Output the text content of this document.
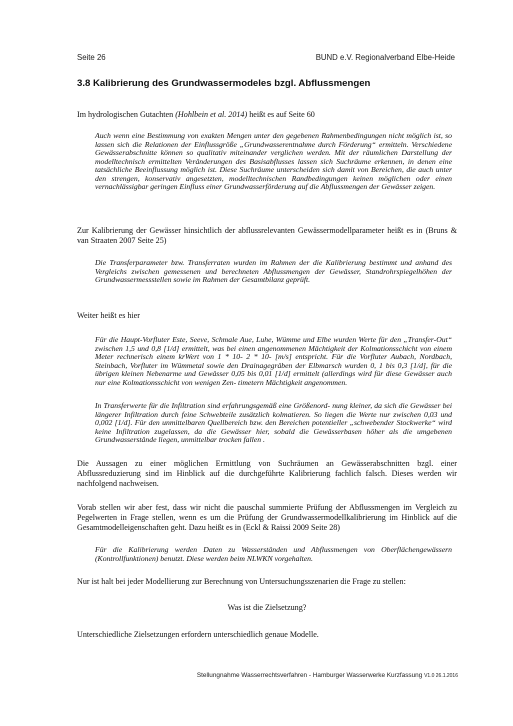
Seite 26	BUND e.V. Regionalverband Elbe-Heide
3.8 Kalibrierung des Grundwassermodeles bzgl. Abflussmengen

Im hydrologischen Gutachten (Hohlbein et al. 2014) heißt es auf Seite 60

Auch wenn eine Bestimmung von exakten Mengen unter den gegebenen Rahmenbedingungen nicht möglich ist, so lassen sich die Relationen der Einflussgröße „Grundwasserentnahme durch Förderung“ ermitteln. Verschiedene Gewässerabschnitte können so qualitativ miteinander verglichen werden. Mit der räumlichen Darstellung der modelltechnisch ermittelten Veränderungen des Basisabflusses lassen sich Suchräume erkennen, in denen eine tatsächliche Beeinflussung möglich ist. Diese Suchräume unterscheiden sich damit von Bereichen, die auch unter den strengen, konservativ angesetzten, modelltechnischen Randbedingungen keinen möglichen oder einen vernachlässigbar geringen Einfluss einer Grundwasserförderung auf die Abflussmengen der Gewässer zeigen.

Zur Kalibrierung der Gewässer hinsichtlich der abflussrelevanten Gewässermodellparameter heißt es in (Bruns & van Straaten 2007 Seite 25)

Die Transferparameter bzw. Transferraten wurden im Rahmen der die Kalibrierung bestimmt und anhand des Vergleichs zwischen gemessenen und berechneten Abflussmengen der Gewässer, Standrohrspiegelhöhen der Grundwassermessstellen sowie im Rahmen der Gesamtbilanz geprüft.

Weiter heißt es hier

Für die Haupt-Vorfluter Este, Seeve, Schmale Aue, Luhe, Wümme und Elbe wurden Werte für den „Transfer-Out“ zwischen 1,5 und 0,8 [1/d] ermittelt, was bei einen angenommenen Mächtigkeit der Kolmationsschicht von einem Meter rechnerisch einem krWert von 1 * 10- 2 * 10- [m/s] entspricht. Für die Vorfluter Aubach, Nordbach, Steinbach, Vorfluter im Wümmetal sowie den Drainagegräben der Elbmarsch wurden 0, 1 bis 0,3 [1/d], für die übrigen kleinen Nebenarme und Gewässer 0,05 bis 0,01 [1/d] ermittelt (allerdings wird für diese Gewässer auch nur eine Kolmationsschicht von wenigen Zen- timetern Mächtigkeit angenommen.

In Transferwerte für die Infiltration sind erfahrungsgemäß eine Größenord- nung kleiner, da sich die Gewässer bei längerer Infiltration durch feine Schwebteile zusätzlich kolmatieren. So liegen die Werte nur zwischen 0,03 und 0,002 [1/d]. Für den unmittelbaren Quellbereich bzw. den Bereichen potentieller „schwebender Stockwerke“ wird keine Infiltration zugelassen, da die Gewässer hier, sobald die Gewässerbasen höher als die umgebenen Grundwasserstände liegen, unmittelbar trocken fallen .

Die Aussagen zu einer möglichen Ermittlung von Suchräumen an Gewässerabschnitten bzgl. einer Abflussreduzierung sind im Hinblick auf die durchgeführte Kalibrierung fachlich falsch. Dieses werden wir nachfolgend nachweisen.

Vorab stellen wir aber fest, dass wir nicht die pauschal summierte Prüfung der Abflussmengen im Vergleich zu Pegelwerten in Frage stellen, wenn es um die Prüfung der Grundwassermodellkalibrierung im Hinblick auf die Gesamtmodelleigenschaften geht. Dazu heißt es in (Eckl & Raissi 2009 Seite 28)

Für die Kalibrierung werden Daten zu Wasserständen und Abflussmengen von Oberflächengewässern (Kontrollfunktionen) benutzt. Diese werden beim NLWKN vorgehalten.

Nur ist halt bei jeder Modellierung zur Berechnung von Untersuchungsszenarien die Frage zu stellen:

Was ist die Zielsetzung?

Unterschiedliche Zielsetzungen erfordern unterschiedlich genaue Modelle.

Stellungnahme Wasserrechtsverfahren - Hamburger Wasserwerke Kurzfassung V1.0 26.1.2016
